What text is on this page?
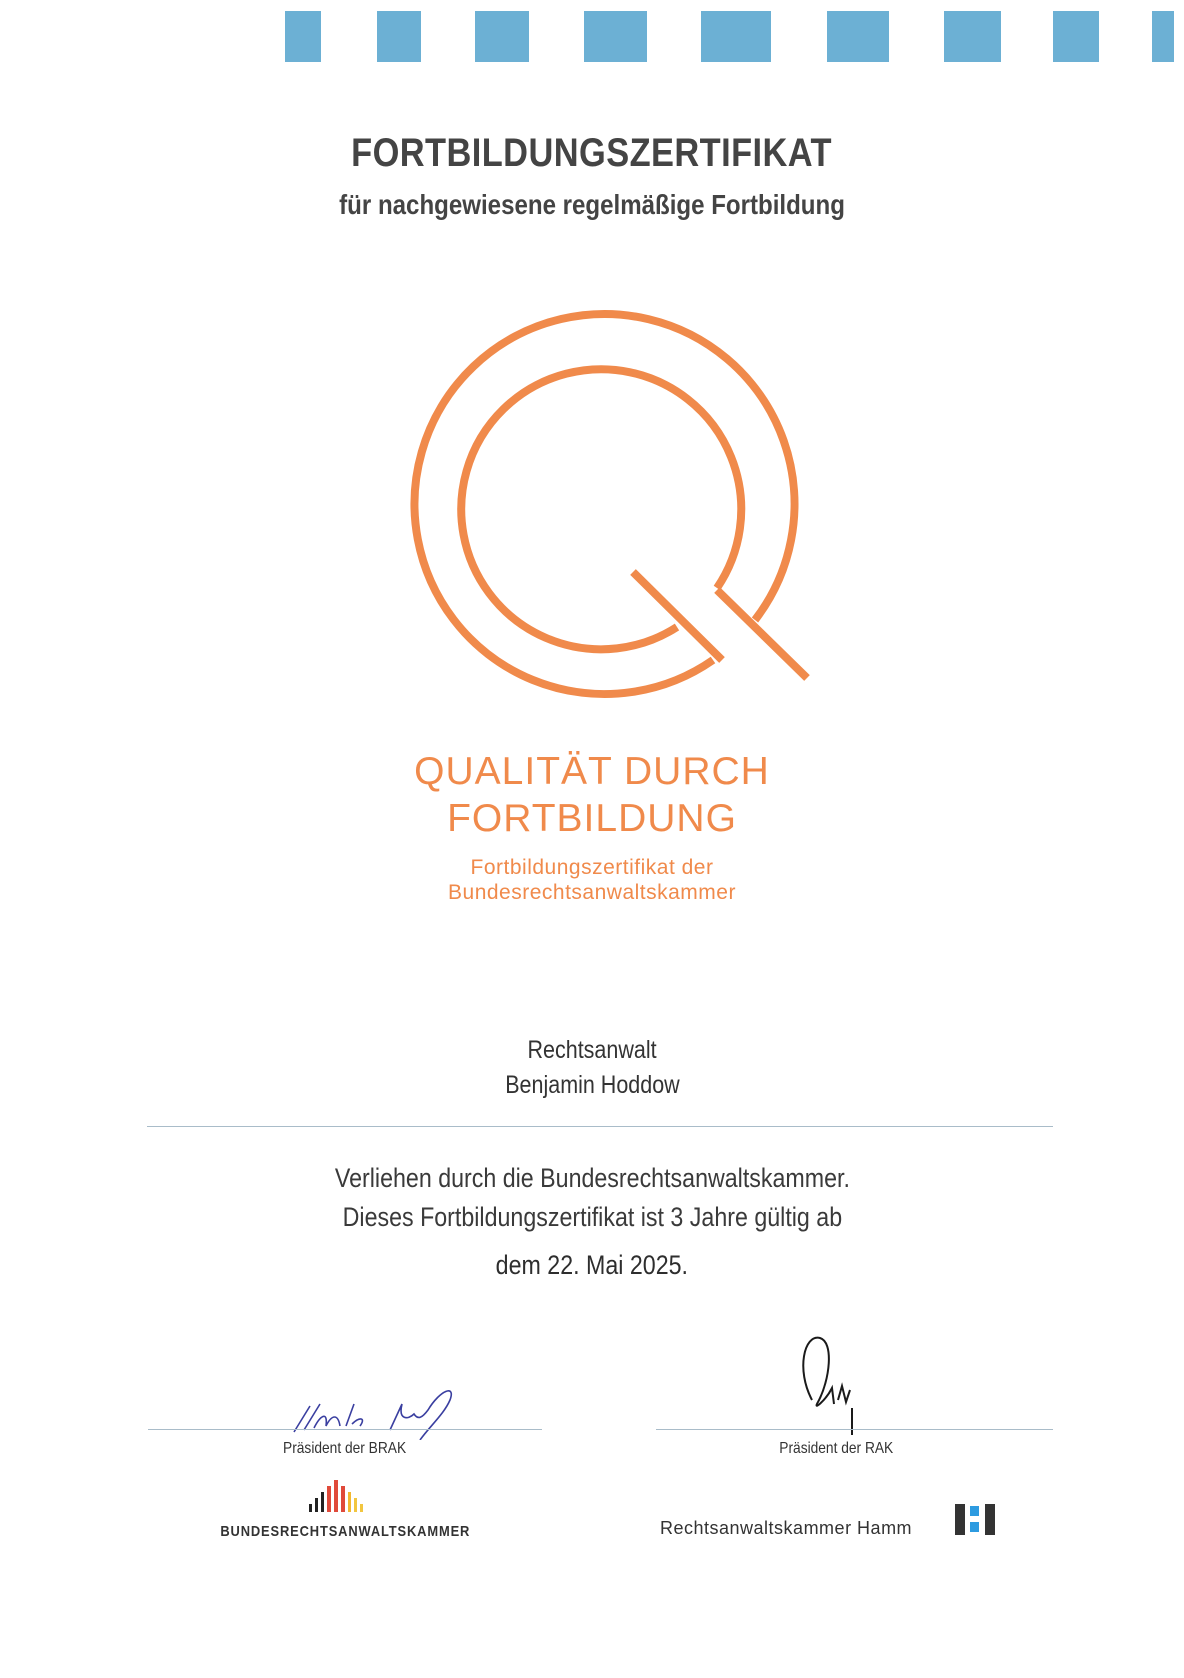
FORTBILDUNGSZERTIFIKAT
für nachgewiesene regelmäßige Fortbildung
QUALITÄT DURCH
FORTBILDUNG
Fortbildungszertifikat der
Bundesrechtsanwaltskammer
Rechtsanwalt
Benjamin Hoddow
Verliehen durch die Bundesrechtsanwaltskammer.
Dieses Fortbildungszertifikat ist 3 Jahre gültig ab
dem 22. Mai 2025.
Präsident der BRAK	Präsident der RAK
BUNDESRECHTSANWALTSKAMMER	Rechtsanwaltskammer Hamm
